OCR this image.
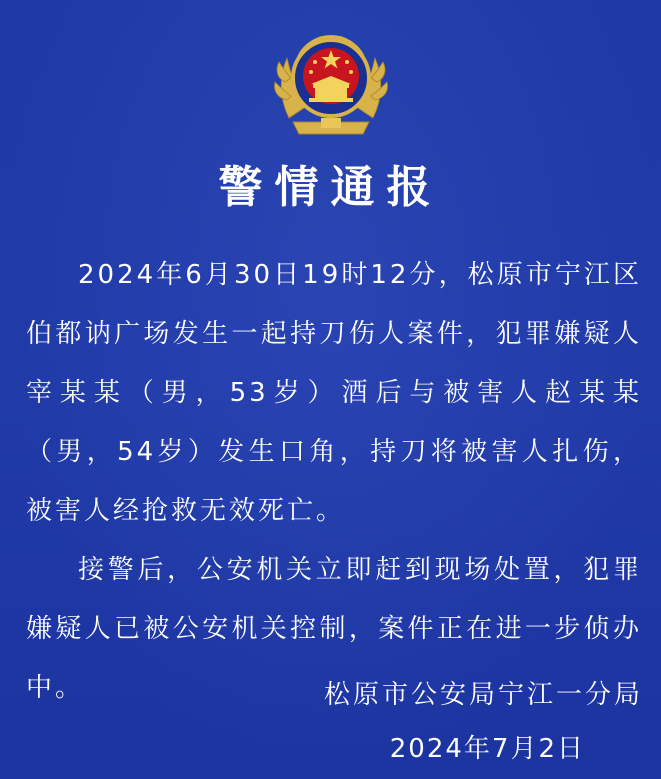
警情通报

2024年6月30日19时12分，松原市宁江区伯都讷广场发生一起持刀伤人案件，犯罪嫌疑人宰某某（男，53岁）酒后与被害人赵某某（男，54岁）发生口角，持刀将被害人扎伤，被害人经抢救无效死亡。

接警后，公安机关立即赶到现场处置，犯罪嫌疑人已被公安机关控制，案件正在进一步侦办中。	松原市公安局宁江一分局
2024年7月2日
